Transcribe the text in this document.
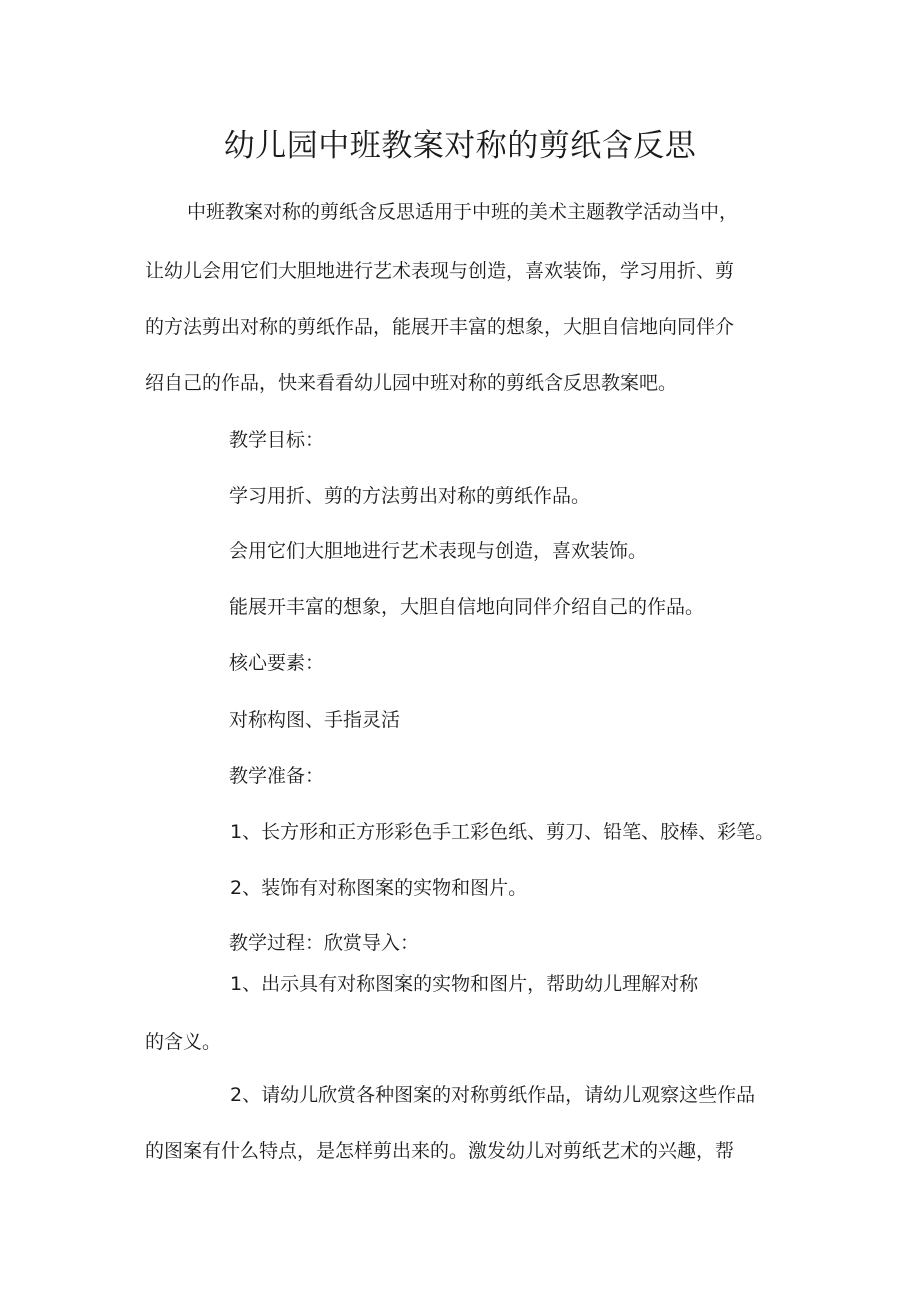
幼儿园中班教案对称的剪纸含反思
中班教案对称的剪纸含反思适用于中班的美术主题教学活动当中，
让幼儿会用它们大胆地进行艺术表现与创造，喜欢装饰，学习用折、剪
的方法剪出对称的剪纸作品，能展开丰富的想象，大胆自信地向同伴介
绍自己的作品，快来看看幼儿园中班对称的剪纸含反思教案吧。
教学目标：
学习用折、剪的方法剪出对称的剪纸作品。
会用它们大胆地进行艺术表现与创造，喜欢装饰。
能展开丰富的想象，大胆自信地向同伴介绍自己的作品。
核心要素：
对称构图、手指灵活
教学准备：
1、长方形和正方形彩色手工彩色纸、剪刀、铅笔、胶棒、彩笔。
2、装饰有对称图案的实物和图片。
教学过程：欣赏导入：
1、出示具有对称图案的实物和图片，帮助幼儿理解对称
的含义。
2、请幼儿欣赏各种图案的对称剪纸作品，请幼儿观察这些作品
的图案有什么特点，是怎样剪出来的。激发幼儿对剪纸艺术的兴趣，帮
